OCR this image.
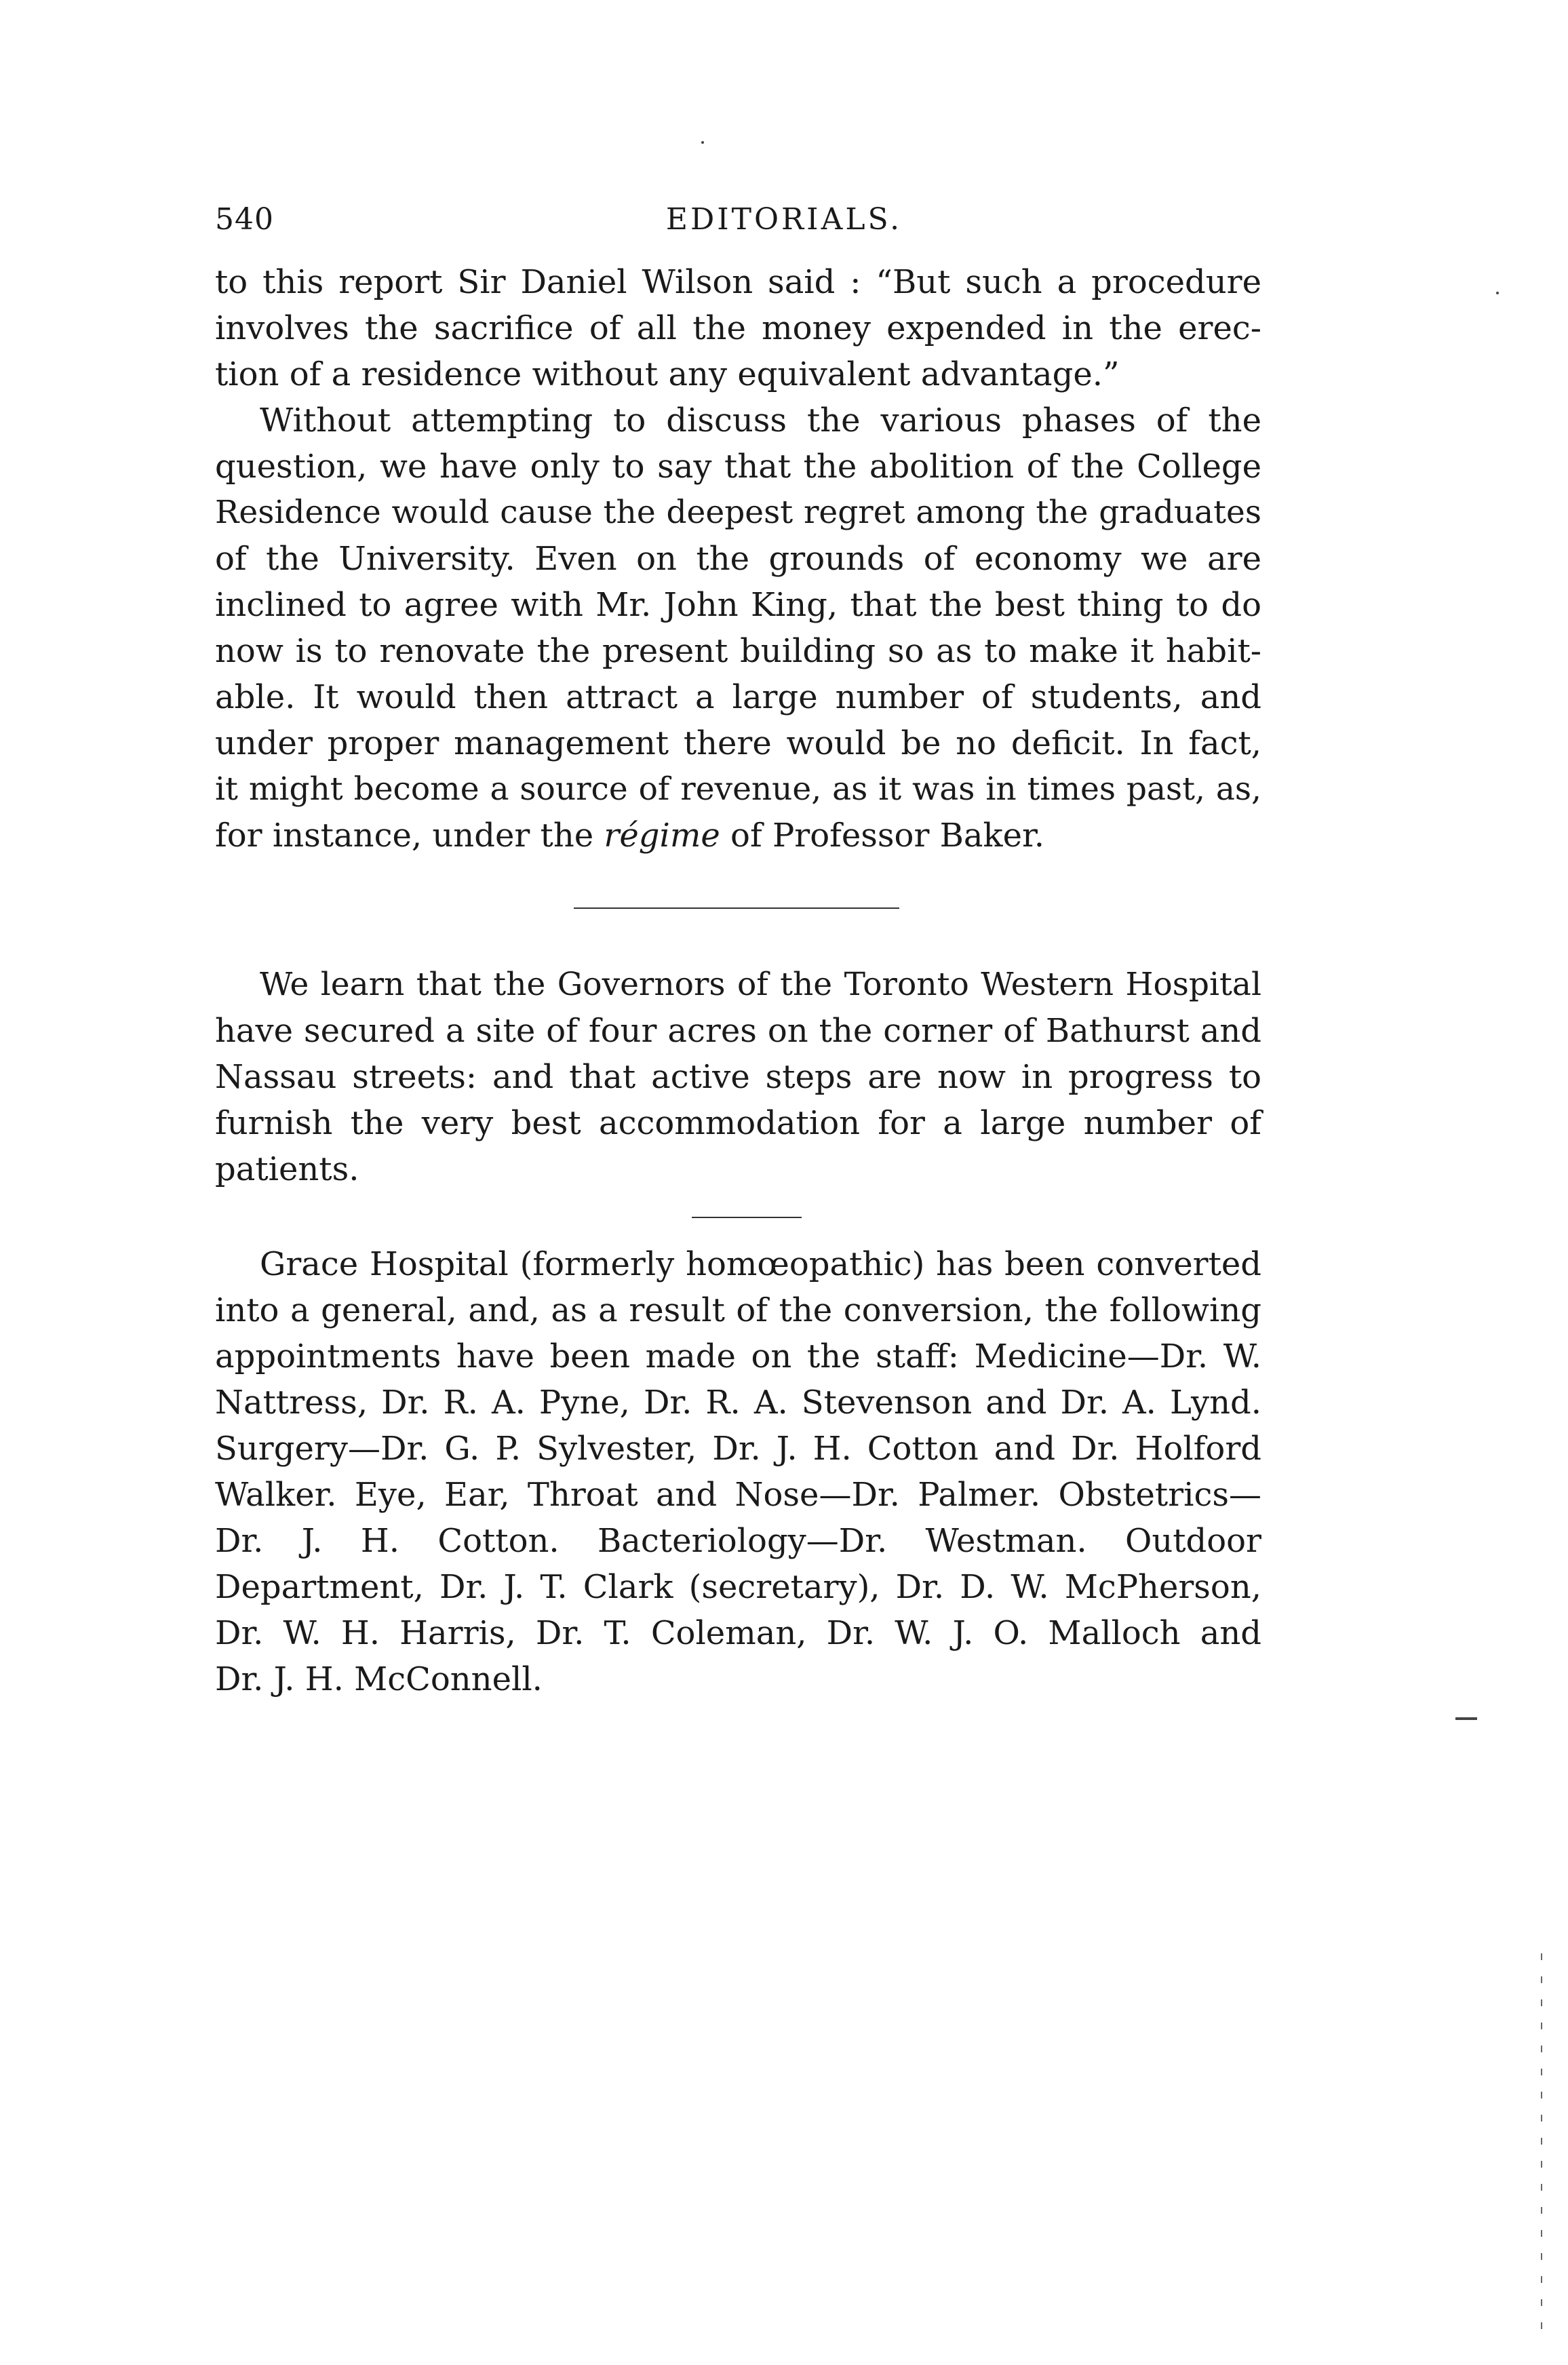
540	EDITORIALS.
to this report Sir Daniel Wilson said : “But such a procedure
involves the sacrifice of all the money expended in the erec-
tion of a residence without any equivalent advantage.”
Without attempting to discuss the various phases of the
question, we have only to say that the abolition of the College
Residence would cause the deepest regret among the graduates
of the University. Even on the grounds of economy we are
inclined to agree with Mr. John King, that the best thing to do
now is to renovate the present building so as to make it habit-
able. It would then attract a large number of students, and
under proper management there would be no deficit. In fact,
it might become a source of revenue, as it was in times past, as,
for instance, under the régime of Professor Baker.
We learn that the Governors of the Toronto Western Hospital
have secured a site of four acres on the corner of Bathurst and
Nassau streets: and that active steps are now in progress to
furnish the very best accommodation for a large number of
patients.
Grace Hospital (formerly homœopathic) has been converted
into a general, and, as a result of the conversion, the following
appointments have been made on the staff: Medicine—Dr. W.
Nattress, Dr. R. A. Pyne, Dr. R. A. Stevenson and Dr. A. Lynd.
Surgery—Dr. G. P. Sylvester, Dr. J. H. Cotton and Dr. Holford
Walker. Eye, Ear, Throat and Nose—Dr. Palmer. Obstetrics—
Dr. J. H. Cotton. Bacteriology—Dr. Westman. Outdoor
Department, Dr. J. T. Clark (secretary), Dr. D. W. McPherson,
Dr. W. H. Harris, Dr. T. Coleman, Dr. W. J. O. Malloch and
Dr. J. H. McConnell.
